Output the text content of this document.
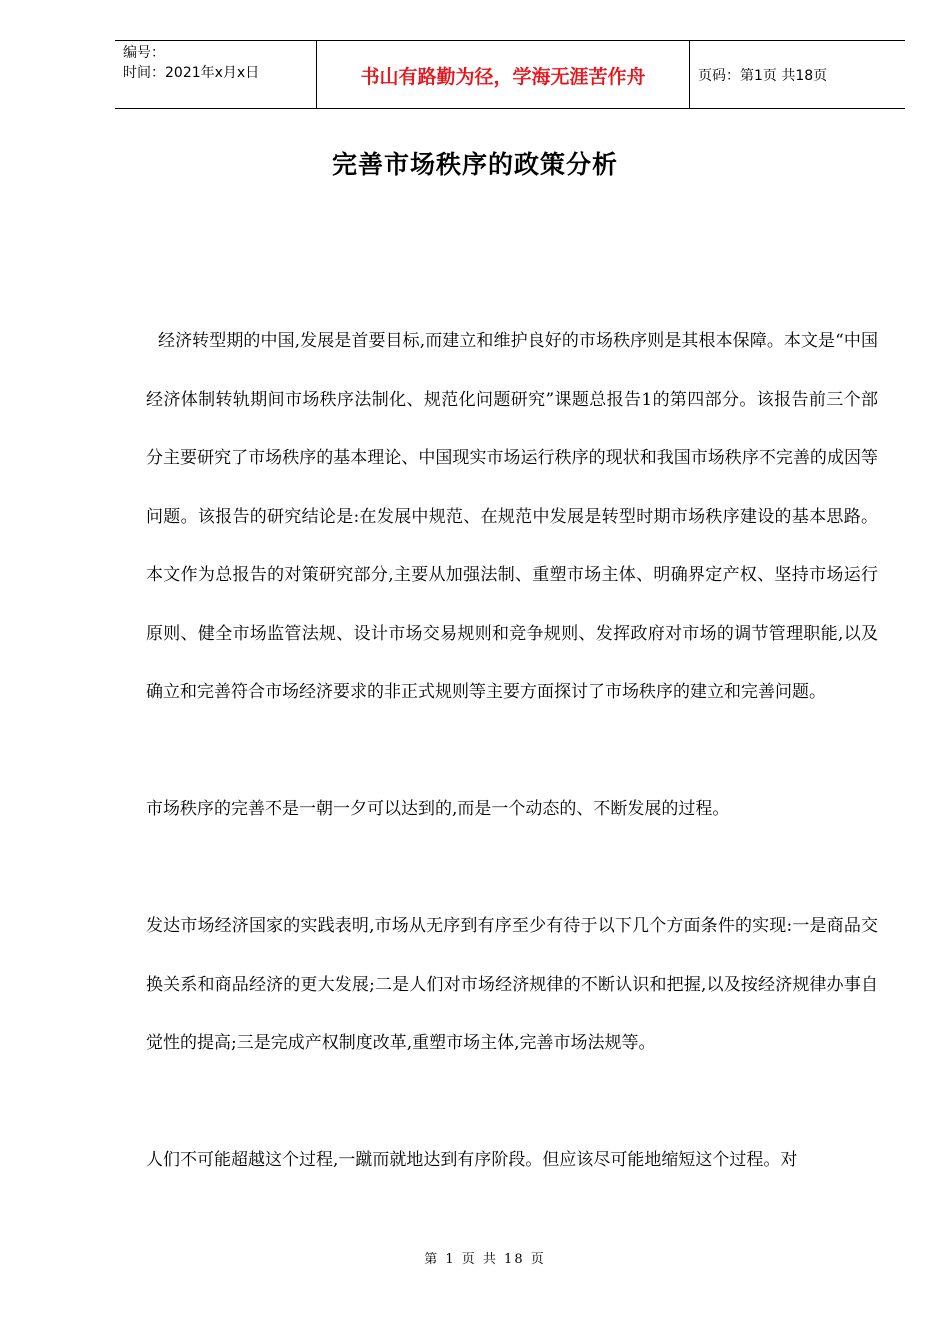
编号：
时间：2021年x月x日	书山有路勤为径，学海无涯苦作舟	页码：第1页 共18页
完善市场秩序的政策分析

经济转型期的中国,发展是首要目标,而建立和维护良好的市场秩序则是其根本保障。本文是“中国经济体制转轨期间市场秩序法制化、规范化问题研究”课题总报告1的第四部分。该报告前三个部分主要研究了市场秩序的基本理论、中国现实市场运行秩序的现状和我国市场秩序不完善的成因等问题。该报告的研究结论是:在发展中规范、在规范中发展是转型时期市场秩序建设的基本思路。本文作为总报告的对策研究部分,主要从加强法制、重塑市场主体、明确界定产权、坚持市场运行原则、健全市场监管法规、设计市场交易规则和竞争规则、发挥政府对市场的调节管理职能,以及确立和完善符合市场经济要求的非正式规则等主要方面探讨了市场秩序的建立和完善问题。

市场秩序的完善不是一朝一夕可以达到的,而是一个动态的、不断发展的过程。

发达市场经济国家的实践表明,市场从无序到有序至少有待于以下几个方面条件的实现:一是商品交换关系和商品经济的更大发展;二是人们对市场经济规律的不断认识和把握,以及按经济规律办事自觉性的提高;三是完成产权制度改革,重塑市场主体,完善市场法规等。

人们不可能超越这个过程,一蹴而就地达到有序阶段。但应该尽可能地缩短这个过程。对

第 1 页 共 18 页
